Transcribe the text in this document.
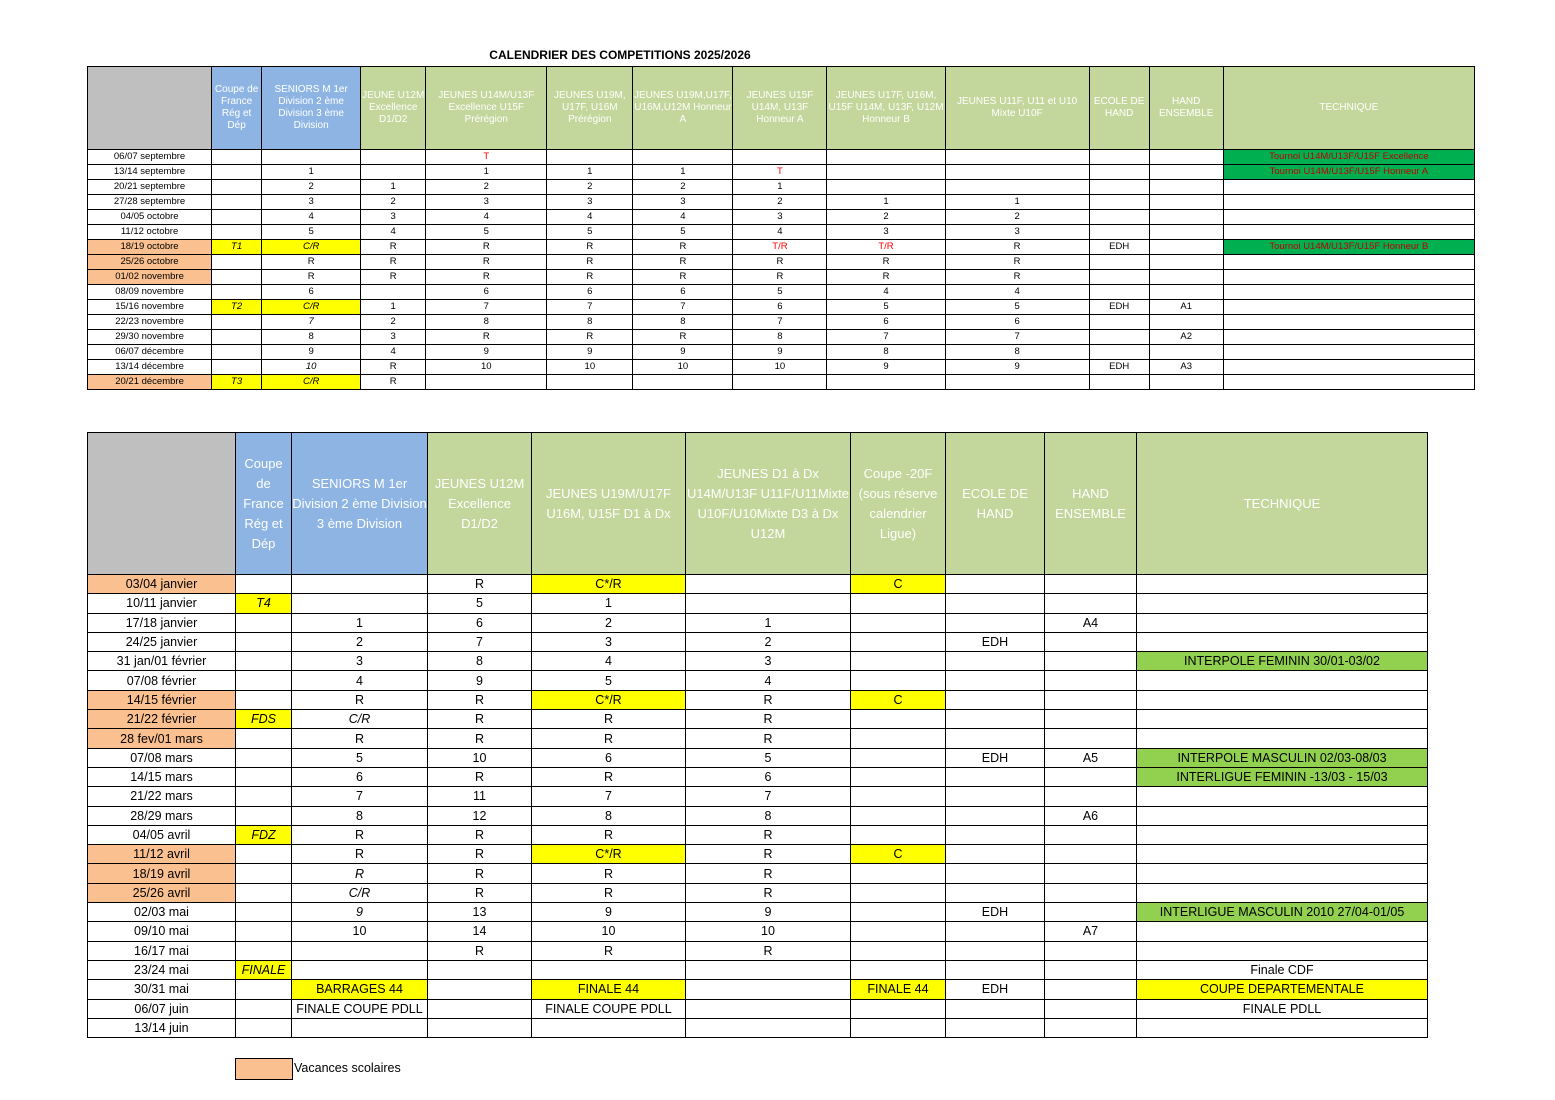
CALENDRIER DES COMPETITIONS 2025/2026
	Coupe de France Rég et Dép	SENIORS M 1er Division 2 ème Division 3 ème Division	JEUNE U12M Excellence D1/D2	JEUNES U14M/U13F Excellence U15F Prérégion	JEUNES U19M, U17F, U16M Prérégion	JEUNES U19M,U17F, U16M,U12M Honneur A	JEUNES U15F U14M, U13F Honneur A	JEUNES U17F, U16M, U15F U14M, U13F, U12M Honneur B	JEUNES U11F, U11 et U10 Mixte U10F	ECOLE DE HAND	HAND ENSEMBLE	TECHNIQUE
06/07 septembre				T								Tournoi U14M/U13F/U15F Excellence
13/14 septembre		1		1	1	1	T					Tournoi U14M/U13F/U15F Honneur A
20/21 septembre		2	1	2	2	2	1					
27/28 septembre		3	2	3	3	3	2	1	1			
04/05 octobre		4	3	4	4	4	3	2	2			
11/12 octobre		5	4	5	5	5	4	3	3			
18/19 octobre	T1	C/R	R	R	R	R	T/R	T/R	R	EDH		Tournoi U14M/U13F/U15F Honneur B
25/26 octobre		R	R	R	R	R	R	R	R			
01/02 novembre		R	R	R	R	R	R	R	R			
08/09 novembre		6		6	6	6	5	4	4			
15/16 novembre	T2	C/R	1	7	7	7	6	5	5	EDH	A1	
22/23 novembre		7	2	8	8	8	7	6	6			
29/30 novembre		8	3	R	R	R	8	7	7		A2	
06/07 décembre		9	4	9	9	9	9	8	8			
13/14 décembre		10	R	10	10	10	10	9	9	EDH	A3	
20/21 décembre	T3	C/R	R									
	Coupe de France Rég et Dép	SENIORS M 1er Division 2 ème Division 3 ème Division	JEUNES U12M Excellence D1/D2	JEUNES U19M/U17F U16M, U15F D1 à Dx	JEUNES D1 à Dx U14M/U13F U11F/U11Mixte U10F/U10Mixte D3 à Dx U12M	Coupe -20F (sous réserve calendrier Ligue)	ECOLE DE HAND	HAND ENSEMBLE	TECHNIQUE
03/04 janvier			R	C*/R		C			
10/11 janvier	T4		5	1					
17/18 janvier		1	6	2	1			A4	
24/25 janvier		2	7	3	2		EDH		
31 jan/01 février		3	8	4	3				INTERPOLE FEMININ 30/01-03/02
07/08 février		4	9	5	4				
14/15 février		R	R	C*/R	R	C			
21/22 février	FDS	C/R	R	R	R				
28 fev/01 mars		R	R	R	R				
07/08 mars		5	10	6	5		EDH	A5	INTERPOLE MASCULIN 02/03-08/03
14/15 mars		6	R	R	6				INTERLIGUE FEMININ -13/03 - 15/03
21/22 mars		7	11	7	7				
28/29 mars		8	12	8	8			A6	
04/05 avril	FDZ	R	R	R	R				
11/12 avril		R	R	C*/R	R	C			
18/19 avril		R	R	R	R				
25/26 avril		C/R	R	R	R				
02/03 mai		9	13	9	9		EDH		INTERLIGUE MASCULIN 2010 27/04-01/05
09/10 mai		10	14	10	10			A7	
16/17 mai			R	R	R				
23/24 mai	FINALE								Finale CDF
30/31 mai		BARRAGES 44		FINALE 44		FINALE 44	EDH		COUPE DEPARTEMENTALE
06/07 juin		FINALE COUPE PDLL		FINALE COUPE PDLL					FINALE PDLL
13/14 juin									
Vacances scolaires
